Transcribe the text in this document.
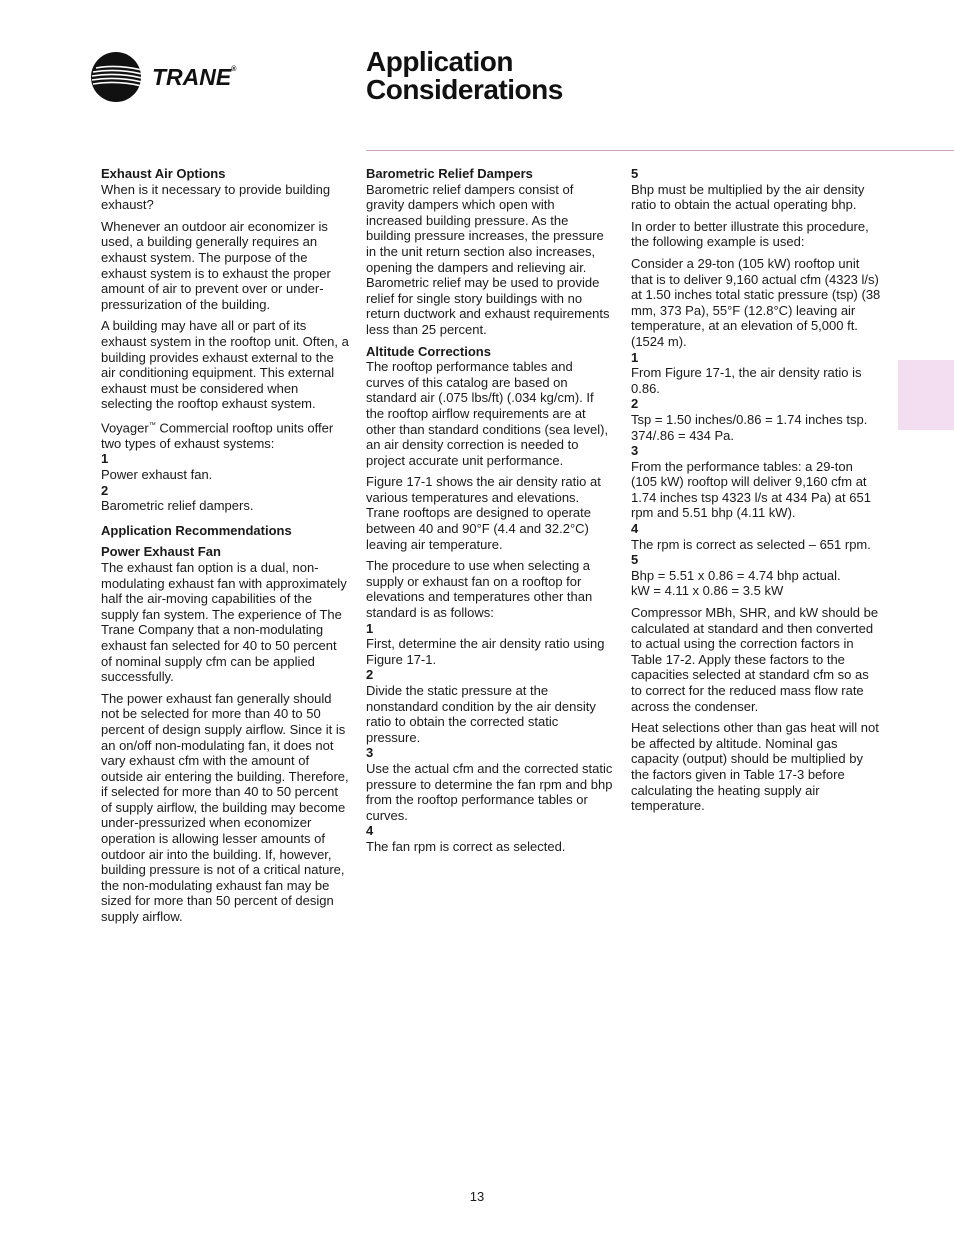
TRANE®	Application
Considerations

Exhaust Air Options

When is it necessary to provide building exhaust?

Whenever an outdoor air economizer is used, a building generally requires an exhaust system. The purpose of the exhaust system is to exhaust the proper amount of air to prevent over or under-pressurization of the building.

A building may have all or part of its exhaust system in the rooftop unit. Often, a building provides exhaust external to the air conditioning equipment. This external exhaust must be considered when selecting the rooftop exhaust system.

Voyager™ Commercial rooftop units offer two types of exhaust systems:

1

Power exhaust fan.

2

Barometric relief dampers.

Application Recommendations

Power Exhaust Fan

The exhaust fan option is a dual, non-modulating exhaust fan with approximately half the air-moving capabilities of the supply fan system. The experience of The Trane Company that a non-modulating exhaust fan selected for 40 to 50 percent of nominal supply cfm can be applied successfully.

The power exhaust fan generally should not be selected for more than 40 to 50 percent of design supply airflow. Since it is an on/off non-modulating fan, it does not vary exhaust cfm with the amount of outside air entering the building. Therefore, if selected for more than 40 to 50 percent of supply airflow, the building may become under-pressurized when economizer operation is allowing lesser amounts of outdoor air into the building. If, however, building pressure is not of a critical nature, the non-modulating exhaust fan may be sized for more than 50 percent of design supply airflow.

Barometric Relief Dampers

Barometric relief dampers consist of gravity dampers which open with increased building pressure. As the building pressure increases, the pressure in the unit return section also increases, opening the dampers and relieving air. Barometric relief may be used to provide relief for single story buildings with no return ductwork and exhaust requirements less than 25 percent.

Altitude Corrections

The rooftop performance tables and curves of this catalog are based on standard air (.075 lbs/ft) (.034 kg/cm). If the rooftop airflow requirements are at other than standard conditions (sea level), an air density correction is needed to project accurate unit performance.

Figure 17-1 shows the air density ratio at various temperatures and elevations. Trane rooftops are designed to operate between 40 and 90°F (4.4 and 32.2°C) leaving air temperature.

The procedure to use when selecting a supply or exhaust fan on a rooftop for elevations and temperatures other than standard is as follows:

1

First, determine the air density ratio using Figure 17-1.

2

Divide the static pressure at the nonstandard condition by the air density ratio to obtain the corrected static pressure.

3

Use the actual cfm and the corrected static pressure to determine the fan rpm and bhp from the rooftop performance tables or curves.

4

The fan rpm is correct as selected.

5

Bhp must be multiplied by the air density ratio to obtain the actual operating bhp.

In order to better illustrate this procedure, the following example is used:

Consider a 29-ton (105 kW) rooftop unit that is to deliver 9,160 actual cfm (4323 l/s) at 1.50 inches total static pressure (tsp) (38 mm, 373 Pa), 55°F (12.8°C) leaving air temperature, at an elevation of 5,000 ft. (1524 m).

1

From Figure 17-1, the air density ratio is 0.86.

2

Tsp = 1.50 inches/0.86 = 1.74 inches tsp.

374/.86 = 434 Pa.

3

From the performance tables: a 29-ton (105 kW) rooftop will deliver 9,160 cfm at 1.74 inches tsp 4323 l/s at 434 Pa) at 651 rpm and 5.51 bhp (4.11 kW).

4

The rpm is correct as selected – 651 rpm.

5

Bhp = 5.51 x 0.86 = 4.74 bhp actual.

kW = 4.11 x 0.86 = 3.5 kW

Compressor MBh, SHR, and kW should be calculated at standard and then converted to actual using the correction factors in Table 17-2. Apply these factors to the capacities selected at standard cfm so as to correct for the reduced mass flow rate across the condenser.

Heat selections other than gas heat will not be affected by altitude. Nominal gas capacity (output) should be multiplied by the factors given in Table 17-3 before calculating the heating supply air temperature.

13
